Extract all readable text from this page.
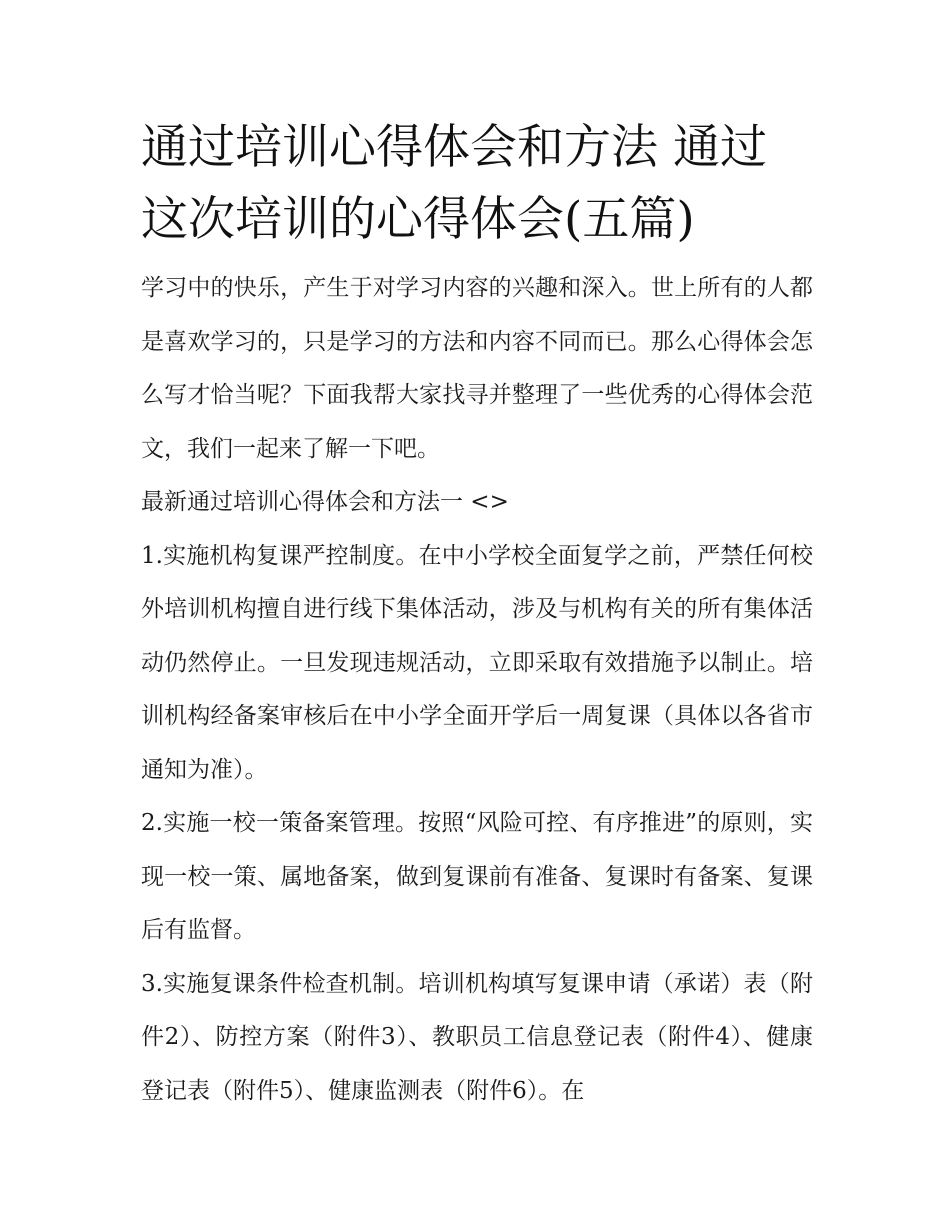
通过培训心得体会和方法 通过这次培训的心得体会(五篇)

学习中的快乐，产生于对学习内容的兴趣和深入。世上所有的人都是喜欢学习的，只是学习的方法和内容不同而已。那么心得体会怎么写才恰当呢？下面我帮大家找寻并整理了一些优秀的心得体会范文，我们一起来了解一下吧。

最新通过培训心得体会和方法一 <>

1.实施机构复课严控制度。在中小学校全面复学之前，严禁任何校外培训机构擅自进行线下集体活动，涉及与机构有关的所有集体活动仍然停止。一旦发现违规活动，立即采取有效措施予以制止。培训机构经备案审核后在中小学全面开学后一周复课（具体以各省市通知为准）。

2.实施一校一策备案管理。按照“风险可控、有序推进”的原则，实现一校一策、属地备案，做到复课前有准备、复课时有备案、复课后有监督。

3.实施复课条件检查机制。培训机构填写复课申请（承诺）表（附件2）、防控方案（附件3）、教职员工信息登记表（附件4）、健康登记表（附件5）、健康监测表（附件6）。在
